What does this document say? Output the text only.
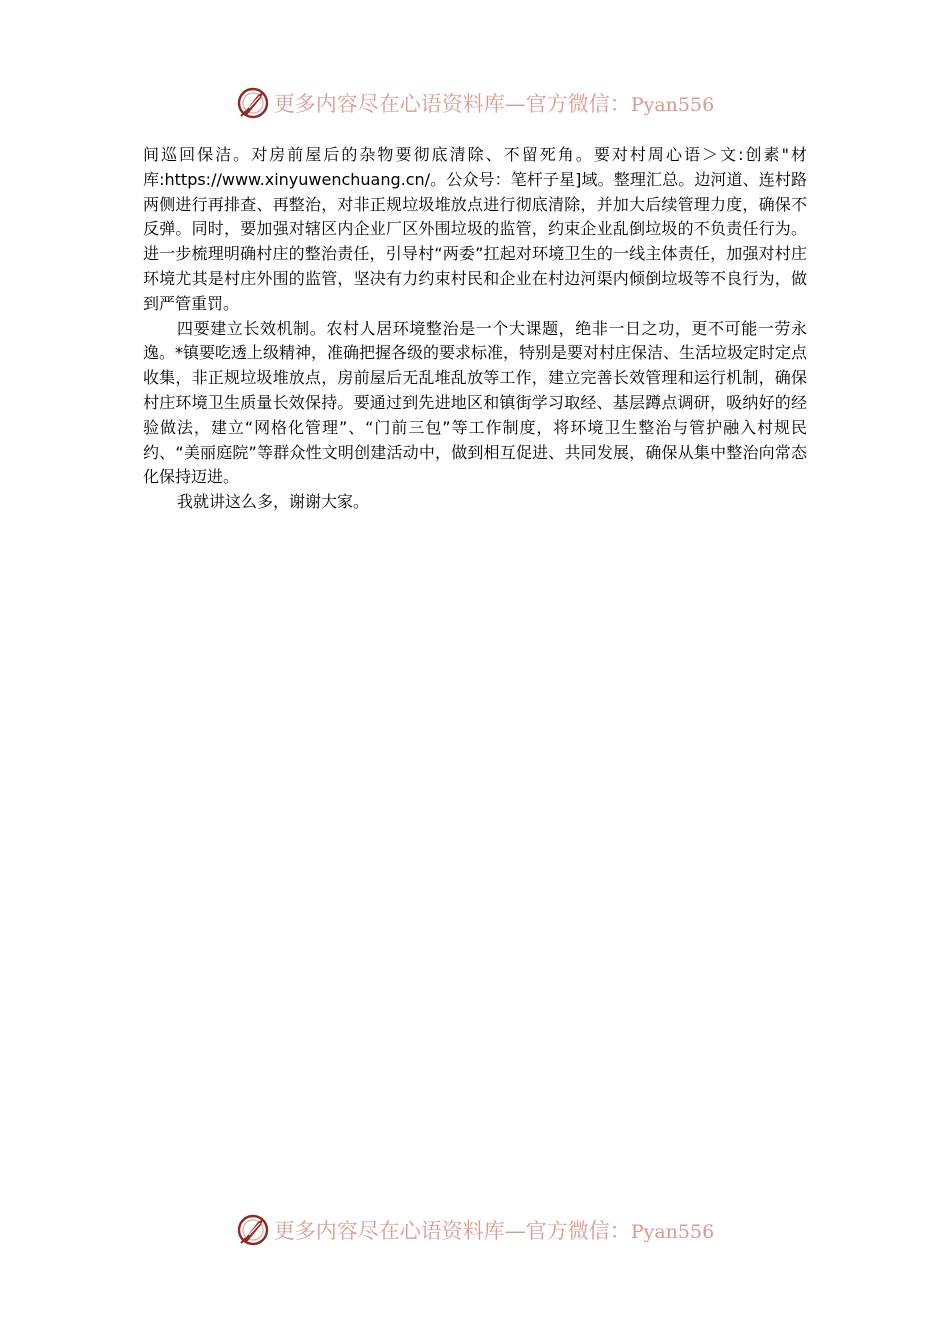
更多内容尽在心语资料库—官方微信：Pyan556

间巡回保洁。对房前屋后的杂物要彻底清除、不留死角。要对村周心语＞文:创素"材库:https://www.xinyuwenchuang.cn/。公众号：笔杆子星]域。整理汇总。边河道、连村路两侧进行再排查、再整治，对非正规垃圾堆放点进行彻底清除，并加大后续管理力度，确保不反弹。同时，要加强对辖区内企业厂区外围垃圾的监管，约束企业乱倒垃圾的不负责任行为。进一步梳理明确村庄的整治责任，引导村“两委”扛起对环境卫生的一线主体责任，加强对村庄环境尤其是村庄外围的监管，坚决有力约束村民和企业在村边河渠内倾倒垃圾等不良行为，做到严管重罚。

四要建立长效机制。农村人居环境整治是一个大课题，绝非一日之功，更不可能一劳永逸。*镇要吃透上级精神，准确把握各级的要求标准，特别是要对村庄保洁、生活垃圾定时定点收集，非正规垃圾堆放点，房前屋后无乱堆乱放等工作，建立完善长效管理和运行机制，确保村庄环境卫生质量长效保持。要通过到先进地区和镇街学习取经、基层蹲点调研，吸纳好的经验做法，建立“网格化管理”、“门前三包”等工作制度，将环境卫生整治与管护融入村规民约、“美丽庭院”等群众性文明创建活动中，做到相互促进、共同发展，确保从集中整治向常态化保持迈进。

我就讲这么多，谢谢大家。

更多内容尽在心语资料库—官方微信：Pyan556
